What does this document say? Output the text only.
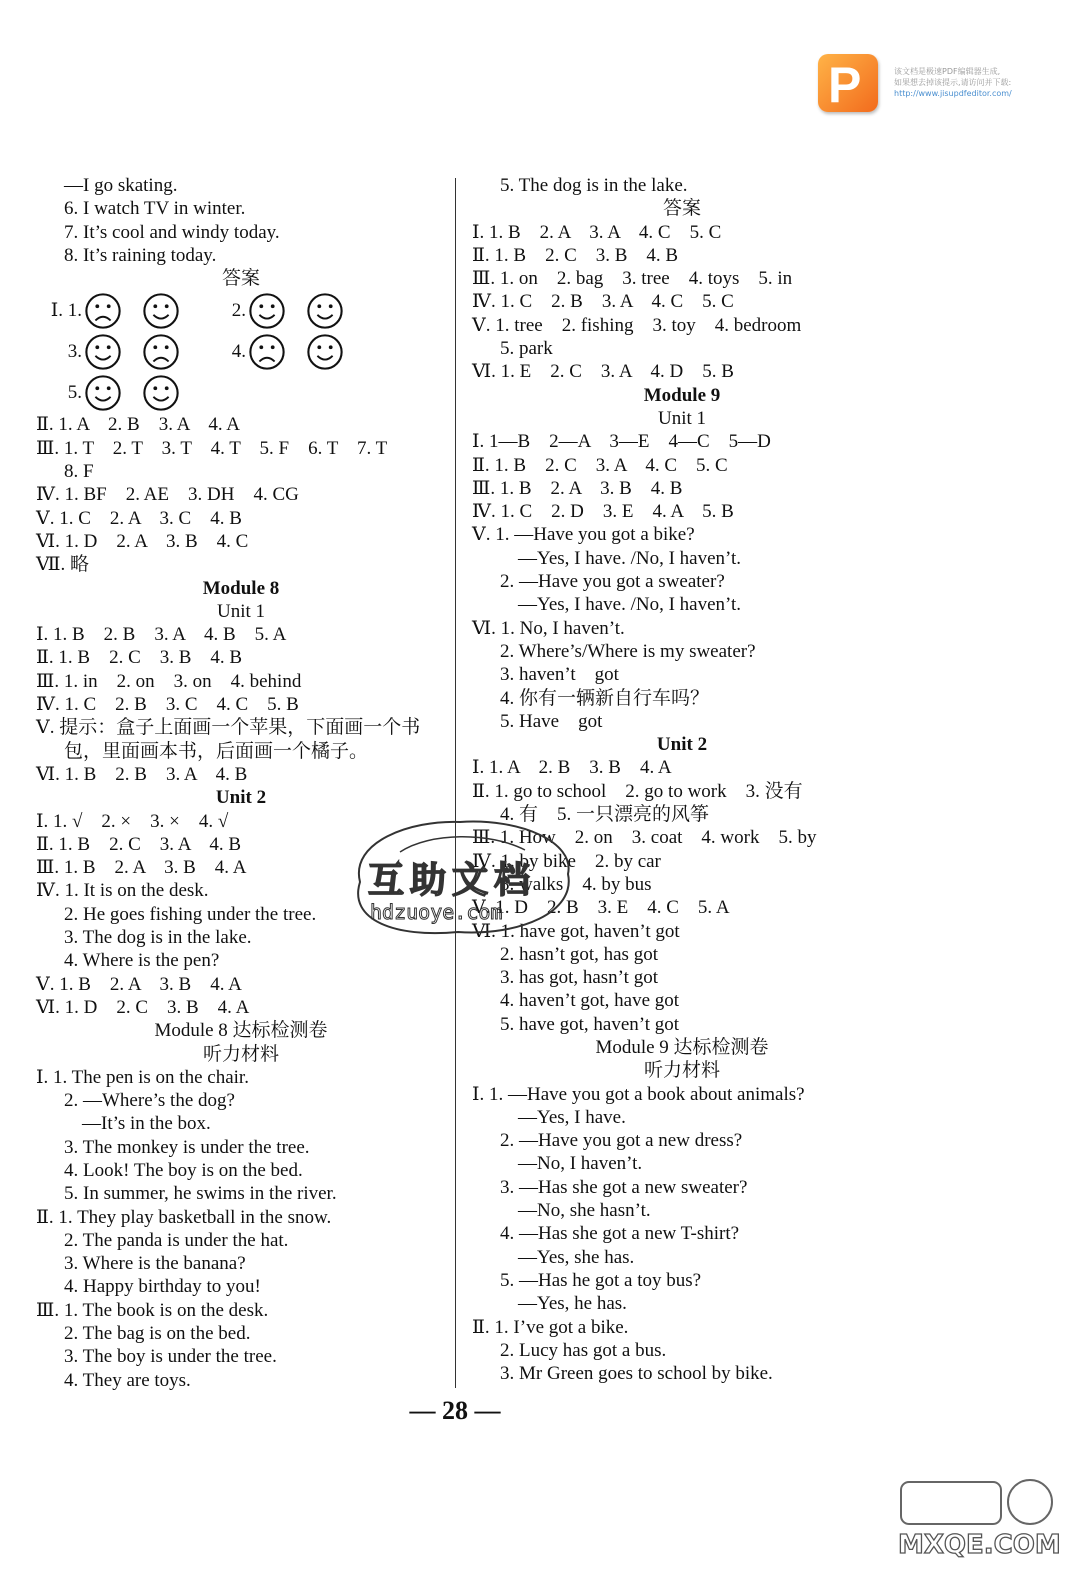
P	该文档是极速PDF编辑器生成,
如果想去掉该提示,请访问并下载:
http://www.jisupdfeditor.com/
—I go skating.
6. I watch TV in winter.
7. It’s cool and windy today.
8. It’s raining today.
答案
Ⅰ. 1.	2.
3.	4.
5.
Ⅱ. 1. A　2. B　3. A　4. A
Ⅲ. 1. T　2. T　3. T　4. T　5. F　6. T　7. T
8. F
Ⅳ. 1. BF　2. AE　3. DH　4. CG
Ⅴ. 1. C　2. A　3. C　4. B
Ⅵ. 1. D　2. A　3. B　4. C
Ⅶ. 略
Module 8
Unit 1
Ⅰ. 1. B　2. B　3. A　4. B　5. A
Ⅱ. 1. B　2. C　3. B　4. B
Ⅲ. 1. in　2. on　3. on　4. behind
Ⅳ. 1. C　2. B　3. C　4. C　5. B
Ⅴ. 提示：盒子上面画一个苹果，下面画一个书
包，里面画本书，后面画一个橘子。
Ⅵ. 1. B　2. B　3. A　4. B
Unit 2
Ⅰ. 1. √　2. ×　3. ×　4. √
Ⅱ. 1. B　2. C　3. A　4. B
Ⅲ. 1. B　2. A　3. B　4. A
Ⅳ. 1. It is on the desk.
2. He goes fishing under the tree.
3. The dog is in the lake.
4. Where is the pen?
Ⅴ. 1. B　2. A　3. B　4. A
Ⅵ. 1. D　2. C　3. B　4. A
Module 8 达标检测卷
听力材料
Ⅰ. 1. The pen is on the chair.
2. —Where’s the dog?
—It’s in the box.
3. The monkey is under the tree.
4. Look! The boy is on the bed.
5. In summer, he swims in the river.
Ⅱ. 1. They play basketball in the snow.
2. The panda is under the hat.
3. Where is the banana?
4. Happy birthday to you!
Ⅲ. 1. The book is on the desk.
2. The bag is on the bed.
3. The boy is under the tree.
4. They are toys.
5. The dog is in the lake.
答案
Ⅰ. 1. B　2. A　3. A　4. C　5. C
Ⅱ. 1. B　2. C　3. B　4. B
Ⅲ. 1. on　2. bag　3. tree　4. toys　5. in
Ⅳ. 1. C　2. B　3. A　4. C　5. C
Ⅴ. 1. tree　2. fishing　3. toy　4. bedroom
5. park
Ⅵ. 1. E　2. C　3. A　4. D　5. B
Module 9
Unit 1
Ⅰ. 1—B　2—A　3—E　4—C　5—D
Ⅱ. 1. B　2. C　3. A　4. C　5. C
Ⅲ. 1. B　2. A　3. B　4. B
Ⅳ. 1. C　2. D　3. E　4. A　5. B
Ⅴ. 1. —Have you got a bike?
—Yes, I have. /No, I haven’t.
2. —Have you got a sweater?
—Yes, I have. /No, I haven’t.
Ⅵ. 1. No, I haven’t.
2. Where’s/Where is my sweater?
3. haven’t　got
4. 你有一辆新自行车吗？
5. Have　got
Unit 2
Ⅰ. 1. A　2. B　3. B　4. A
Ⅱ. 1. go to school　2. go to work　3. 没有
4. 有　5. 一只漂亮的风筝
Ⅲ. 1. How　2. on　3. coat　4. work　5. by
Ⅳ. 1. by bike　2. by car
3. walks　4. by bus
Ⅴ. 1. D　2. B　3. E　4. C　5. A
Ⅵ. 1. have got, haven’t got
2. hasn’t got, has got
3. has got, hasn’t got
4. haven’t got, have got
5. have got, haven’t got
Module 9 达标检测卷
听力材料
Ⅰ. 1. —Have you got a book about animals?
—Yes, I have.
2. —Have you got a new dress?
—No, I haven’t.
3. —Has she got a new sweater?
—No, she hasn’t.
4. —Has she got a new T-shirt?
—Yes, she has.
5. —Has he got a toy bus?
—Yes, he has.
Ⅱ. 1. I’ve got a bike.
2. Lucy has got a bus.
3. Mr Green goes to school by bike.
互助文档
hdzuoye.com
— 28 —
MXQE.COM
